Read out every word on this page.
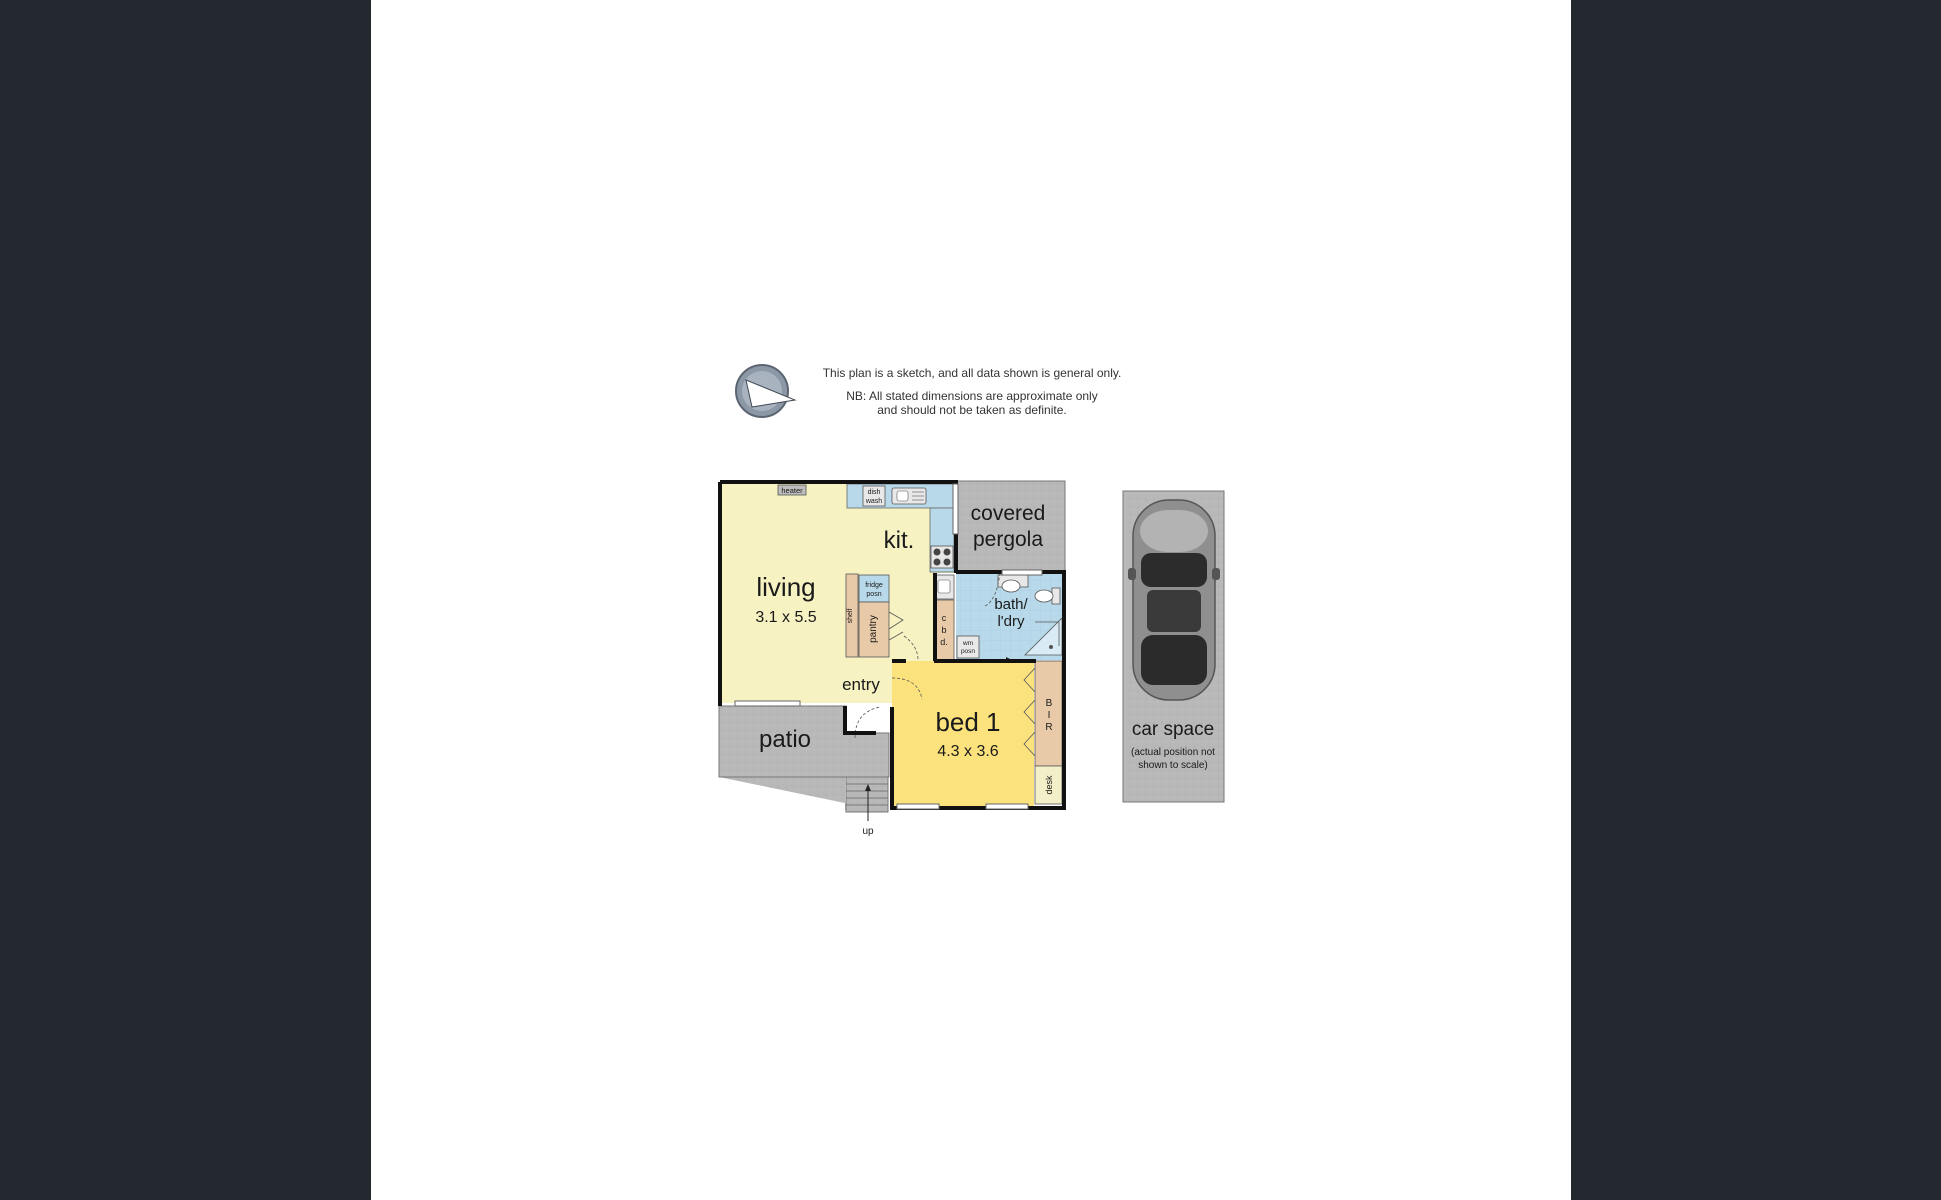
This plan is a sketch, and all data shown is general only.
NB: All stated dimensions are approximate only
and should not be taken as definite.
up
dish
wash
heater
fridge
posn
shelf pantry	c
b
d. wm
posn
B
I
R
desk
car space
(actual position not
shown to scale)
living
3.1 x 5.5
kit.
covered
pergola
bath/
l'dry
entry
bed 1
4.3 x 3.6
patio
